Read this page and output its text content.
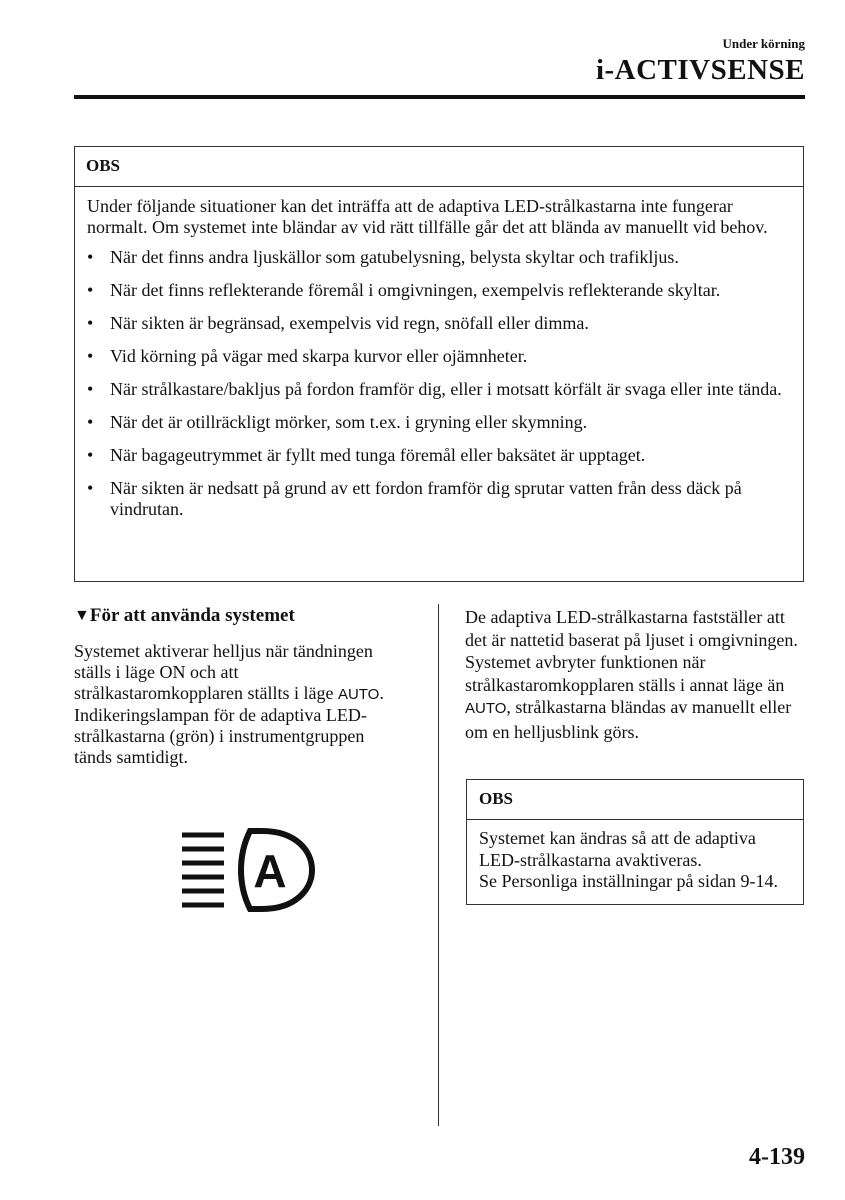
Under körning
i-ACTIVSENSE
OBS
Under följande situationer kan det inträffa att de adaptiva LED-strålkastarna inte fungerar normalt. Om systemet inte bländar av vid rätt tillfälle går det att blända av manuellt vid behov.
• När det finns andra ljuskällor som gatubelysning, belysta skyltar och trafikljus.
• När det finns reflekterande föremål i omgivningen, exempelvis reflekterande skyltar.
• När sikten är begränsad, exempelvis vid regn, snöfall eller dimma.
• Vid körning på vägar med skarpa kurvor eller ojämnheter.
• När strålkastare/bakljus på fordon framför dig, eller i motsatt körfält är svaga eller inte tända.
• När det är otillräckligt mörker, som t.ex. i gryning eller skymning.
• När bagageutrymmet är fyllt med tunga föremål eller baksätet är upptaget.
• När sikten är nedsatt på grund av ett fordon framför dig sprutar vatten från dess däck på vindrutan.
▼För att använda systemet
Systemet aktiverar helljus när tändningen ställs i läge ON och att strålkastaromkopplaren ställts i läge AUTO. Indikeringslampan för de adaptiva LED-strålkastarna (grön) i instrumentgruppen tänds samtidigt.
A
De adaptiva LED-strålkastarna fastställer att det är nattetid baserat på ljuset i omgivningen.
Systemet avbryter funktionen när strålkastaromkopplaren ställs i annat läge än AUTO, strålkastarna bländas av manuellt eller om en helljusblink görs.
OBS
Systemet kan ändras så att de adaptiva LED-strålkastarna avaktiveras.
Se Personliga inställningar på sidan 9-14.
4-139
